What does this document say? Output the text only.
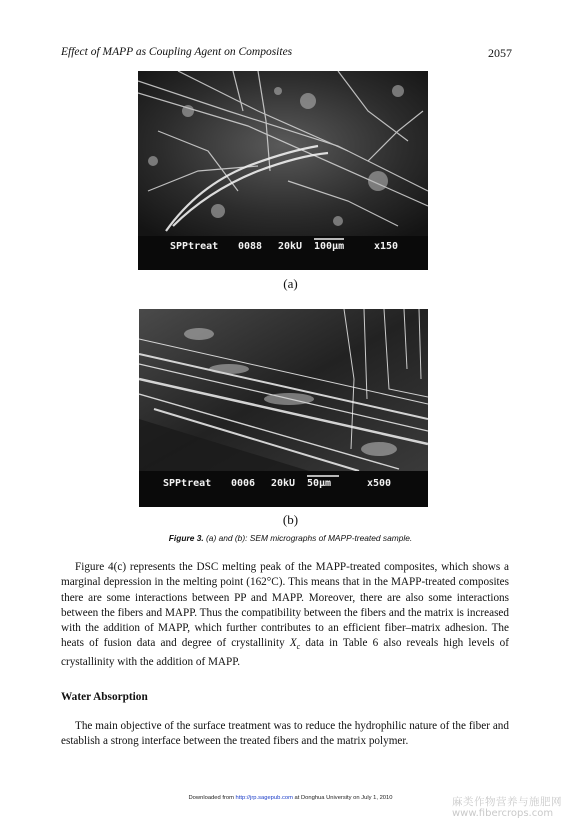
Effect of MAPP as Coupling Agent on Composites	2057
SPPtreat 0088 20kU 100µm	x150
(a)
SPPtreat 0006 20kU 50µm	x500
(b)
Figure 3. (a) and (b): SEM micrographs of MAPP-treated sample.

Figure 4(c) represents the DSC melting peak of the MAPP-treated composites, which shows a marginal depression in the melting point (162°C). This means that in the MAPP-treated composites there are some interactions between PP and MAPP. Moreover, there are also some interactions between the fibers and MAPP. Thus the compatibility between the fibers and the matrix is increased with the addition of MAPP, which further contributes to an efficient fiber–matrix adhesion. The heats of fusion data and degree of crystallinity $X_c$ data in Table 6 also reveals high levels of crystallinity with the addition of MAPP.

Water Absorption

The main objective of the surface treatment was to reduce the hydrophilic nature of the fiber and establish a strong interface between the treated fibers and the matrix polymer.

Downloaded from http://jrp.sagepub.com at Donghua University on July 1, 2010	麻类作物营养与施肥网
www.fibercrops.com
